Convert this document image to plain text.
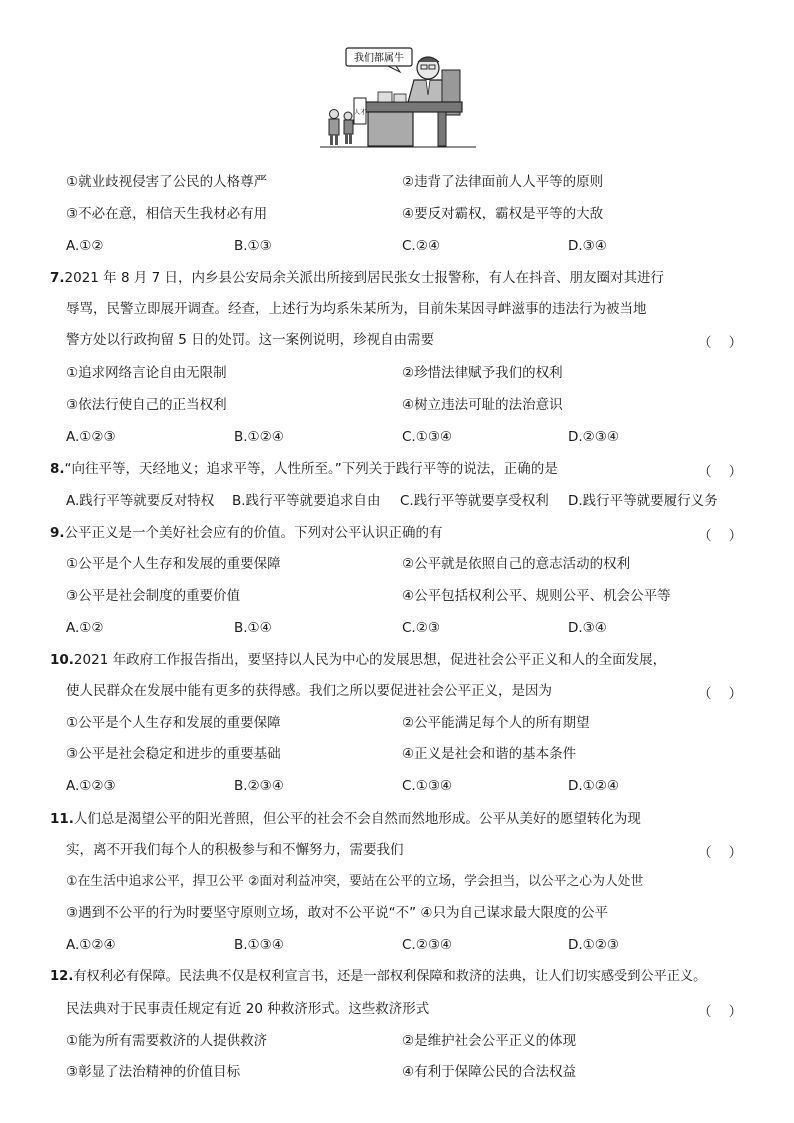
我们都属牛
人才
①就业歧视侵害了公民的人格尊严	②违背了法律面前人人平等的原则
③不必在意，相信天生我材必有用	④要反对霸权，霸权是平等的大敌
A.①②	B.①③	C.②④	D.③④
7.2021 年 8 月 7 日，内乡县公安局余关派出所接到居民张女士报警称，有人在抖音、朋友圈对其进行
辱骂，民警立即展开调查。经查，上述行为均系朱某所为，目前朱某因寻衅滋事的违法行为被当地
警方处以行政拘留 5 日的处罚。这一案例说明，珍视自由需要	（    ）
①追求网络言论自由无限制	②珍惜法律赋予我们的权利
③依法行使自己的正当权利	④树立违法可耻的法治意识
A.①②③	B.①②④	C.①③④	D.②③④
8.“向往平等，天经地义；追求平等，人性所至。”下列关于践行平等的说法，正确的是	（    ）
A.践行平等就要反对特权 B.践行平等就要追求自由 C.践行平等就要享受权利 D.践行平等就要履行义务
9.公平正义是一个美好社会应有的价值。下列对公平认识正确的有	（    ）
①公平是个人生存和发展的重要保障	②公平就是依照自己的意志活动的权利
③公平是社会制度的重要价值	④公平包括权利公平、规则公平、机会公平等
A.①②	B.①④	C.②③	D.③④
10.2021 年政府工作报告指出，要坚持以人民为中心的发展思想，促进社会公平正义和人的全面发展，
使人民群众在发展中能有更多的获得感。我们之所以要促进社会公平正义，是因为	（    ）
①公平是个人生存和发展的重要保障	②公平能满足每个人的所有期望
③公平是社会稳定和进步的重要基础	④正义是社会和谐的基本条件
A.①②③	B.②③④	C.①③④	D.①②④
11.人们总是渴望公平的阳光普照，但公平的社会不会自然而然地形成。公平从美好的愿望转化为现
实，离不开我们每个人的积极参与和不懈努力，需要我们	（    ）
①在生活中追求公平，捍卫公平 ②面对利益冲突，要站在公平的立场，学会担当，以公平之心为人处世
③遇到不公平的行为时要坚守原则立场，敢对不公平说“不” ④只为自己谋求最大限度的公平
A.①②④	B.①③④	C.②③④	D.①②③
12.有权利必有保障。民法典不仅是权利宣言书，还是一部权利保障和救济的法典，让人们切实感受到公平正义。
民法典对于民事责任规定有近 20 种救济形式。这些救济形式	（    ）
①能为所有需要救济的人提供救济	②是维护社会公平正义的体现
③彰显了法治精神的价值目标	④有利于保障公民的合法权益
